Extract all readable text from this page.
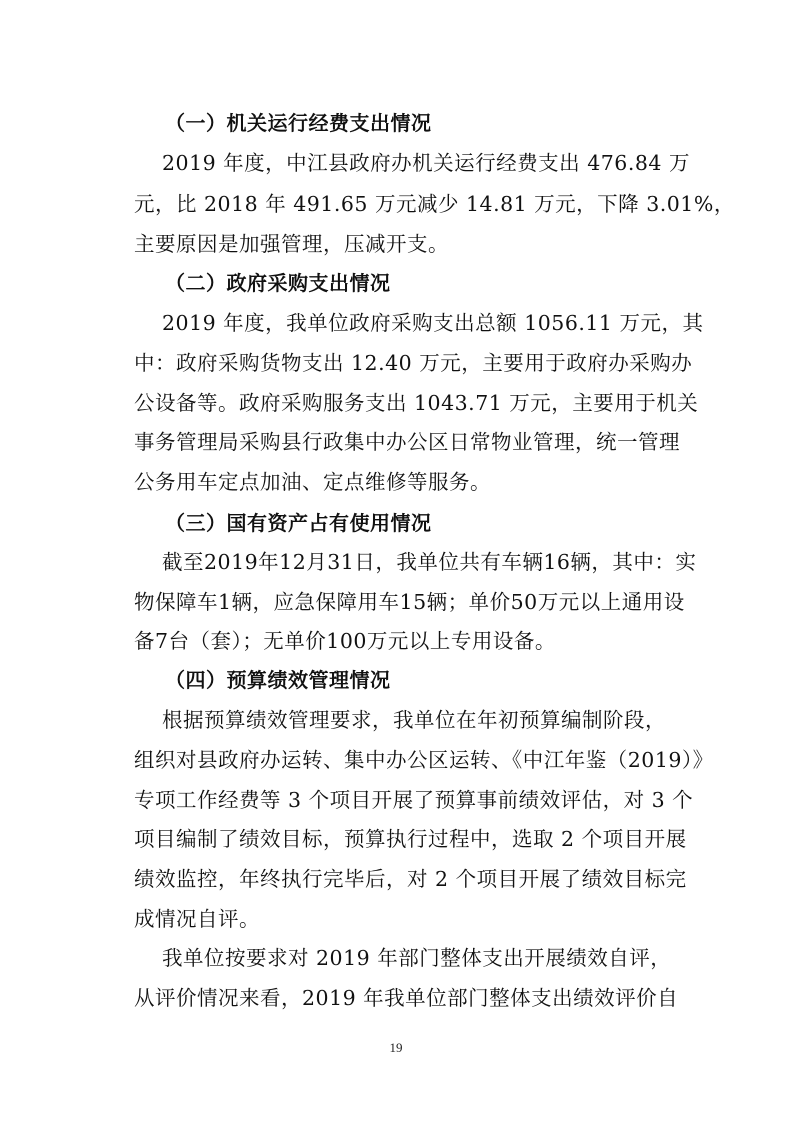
（一）机关运行经费支出情况
2019 年度，中江县政府办机关运行经费支出 476.84 万
元，比 2018 年 491.65 万元减少 14.81 万元，下降 3.01%，
主要原因是加强管理，压减开支。
（二）政府采购支出情况
2019 年度，我单位政府采购支出总额 1056.11 万元，其
中：政府采购货物支出 12.40 万元，主要用于政府办采购办
公设备等。政府采购服务支出 1043.71 万元，主要用于机关
事务管理局采购县行政集中办公区日常物业管理，统一管理
公务用车定点加油、定点维修等服务。
（三）国有资产占有使用情况
截至2019年12月31日，我单位共有车辆16辆，其中：实
物保障车1辆，应急保障用车15辆；单价50万元以上通用设
备7台（套）；无单价100万元以上专用设备。
（四）预算绩效管理情况
根据预算绩效管理要求，我单位在年初预算编制阶段，
组织对县政府办运转、集中办公区运转、《中江年鉴（2019）》
专项工作经费等 3 个项目开展了预算事前绩效评估，对 3 个
项目编制了绩效目标，预算执行过程中，选取 2 个项目开展
绩效监控，年终执行完毕后，对 2 个项目开展了绩效目标完
成情况自评。
我单位按要求对 2019 年部门整体支出开展绩效自评，
从评价情况来看，2019 年我单位部门整体支出绩效评价自
19
